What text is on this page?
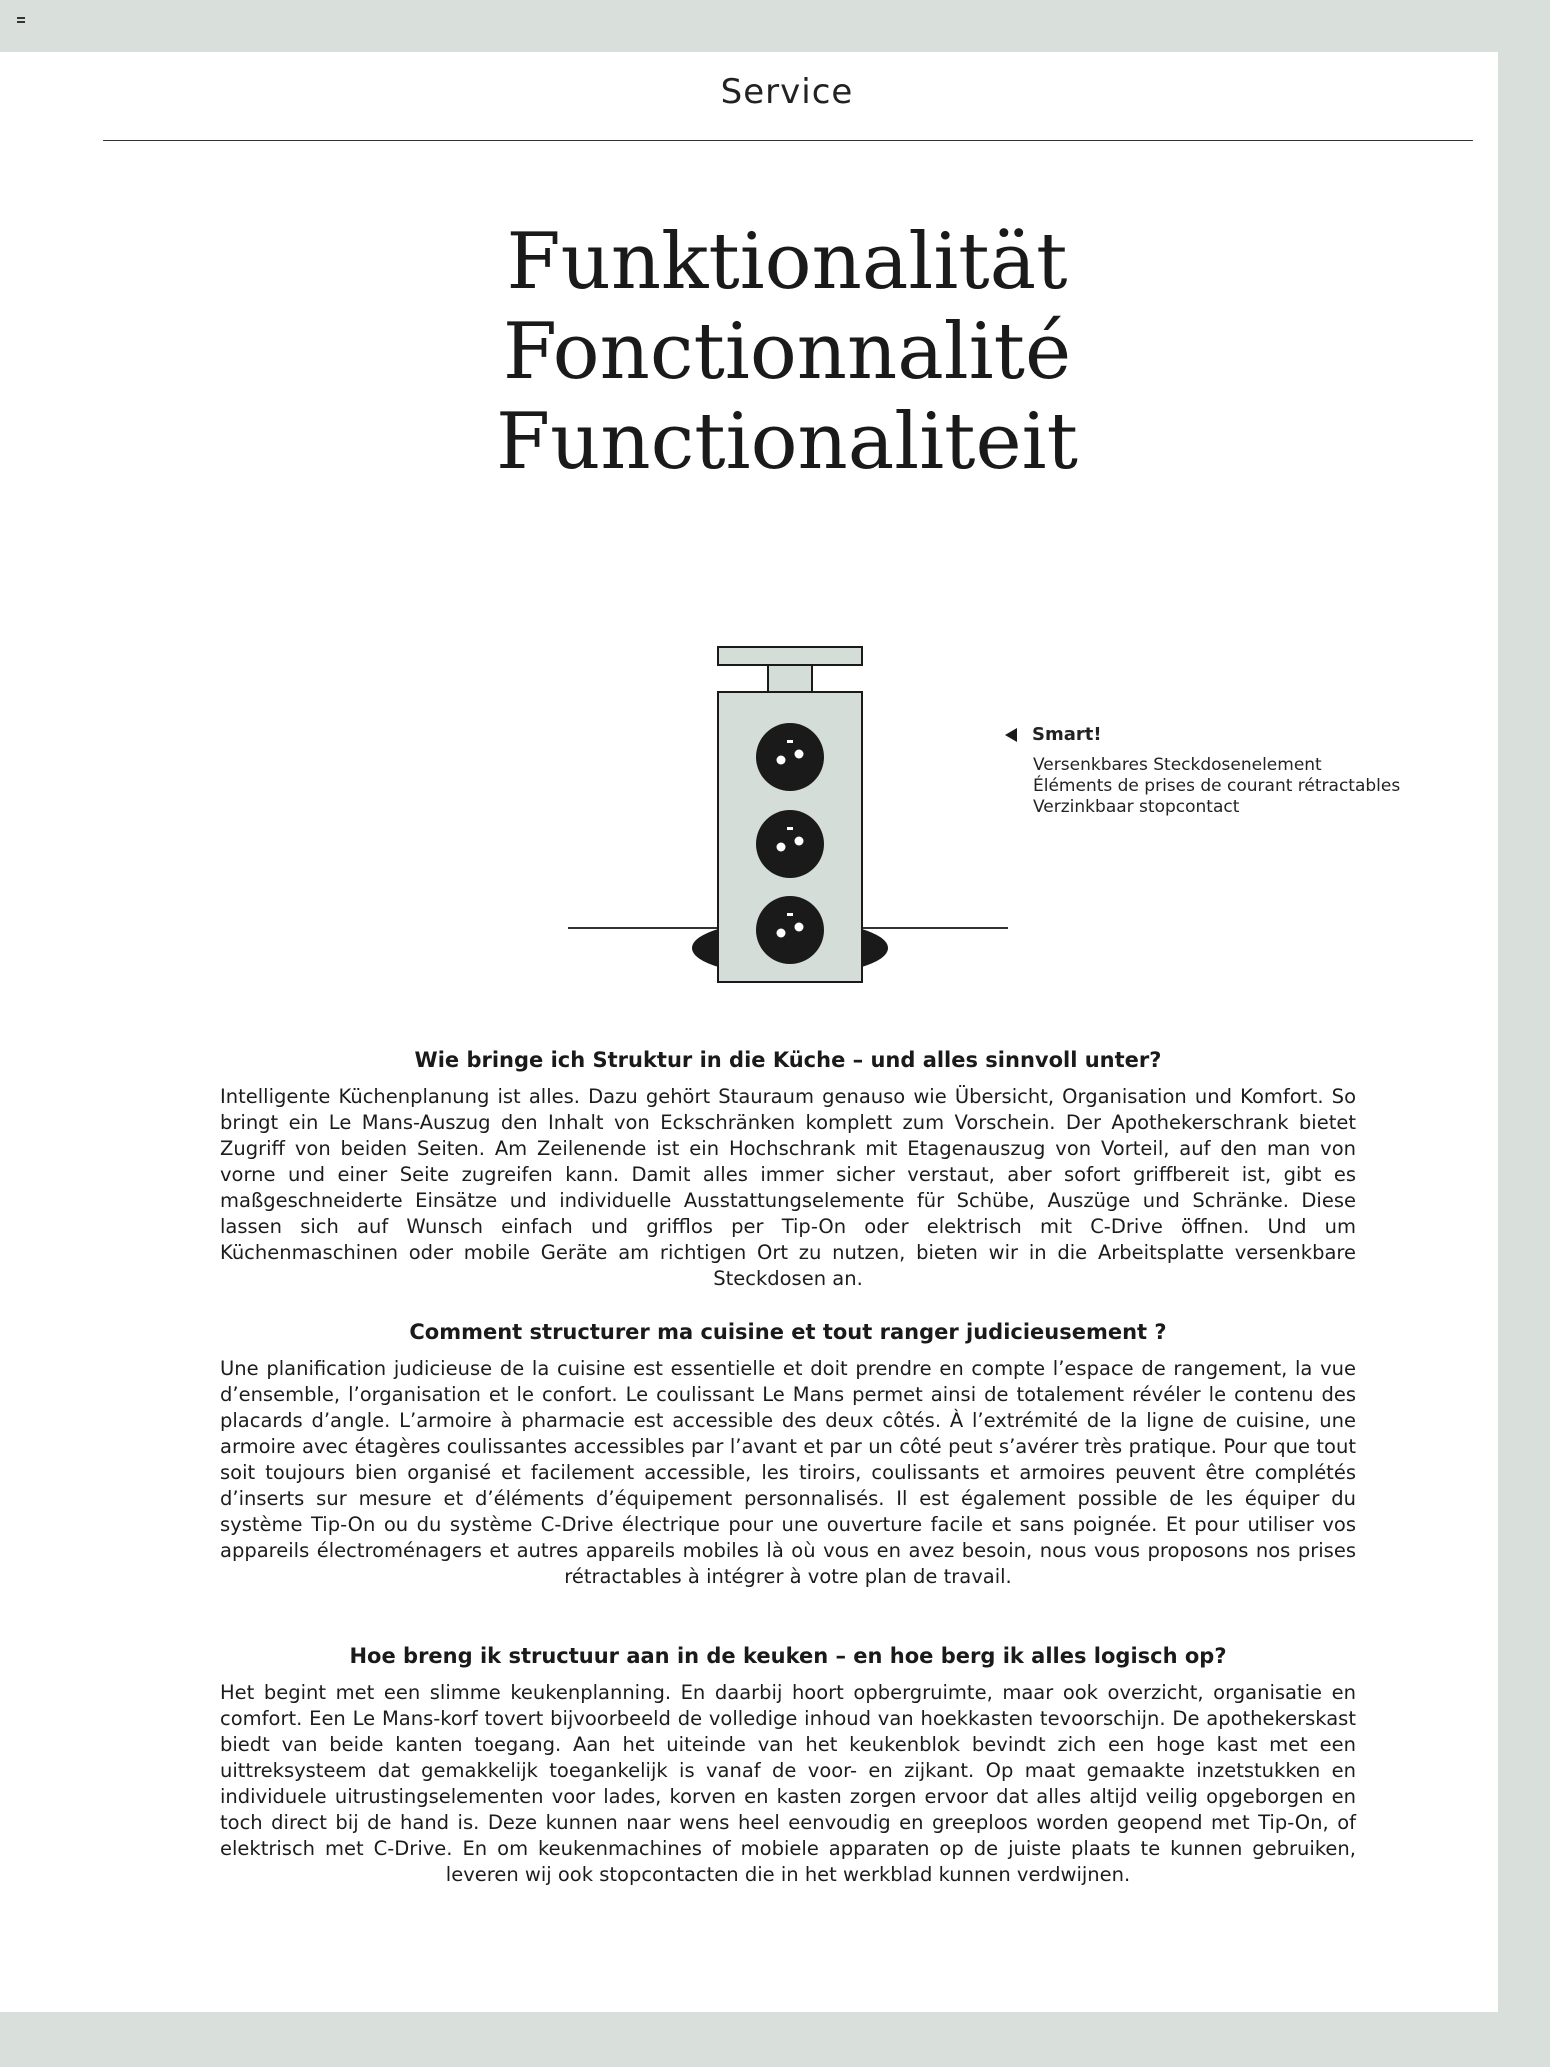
Service
Funktionalität
Fonctionnalité
Functionaliteit
Smart!
Versenkbares Steckdosenelement
Éléments de prises de courant rétractables
Verzinkbaar stopcontact
Wie bringe ich Struktur in die Küche – und alles sinnvoll unter?

Intelligente Küchenplanung ist alles. Dazu gehört Stauraum genauso wie Übersicht, Organisation und Komfort. So bringt ein Le Mans-Auszug den Inhalt von Eckschränken komplett zum Vorschein. Der Apothekerschrank bietet Zugriff von beiden Seiten. Am Zeilenende ist ein Hochschrank mit Etagenauszug von Vorteil, auf den man von vorne und einer Seite zugreifen kann. Damit alles immer sicher verstaut, aber sofort griffbereit ist, gibt es maßgeschneiderte Einsätze und individuelle Ausstattungselemente für Schübe, Auszüge und Schränke. Diese lassen sich auf Wunsch einfach und grifflos per Tip-On oder elektrisch mit C-Drive öffnen. Und um Küchenmaschinen oder mobile Geräte am richtigen Ort zu nutzen, bieten wir in die Arbeitsplatte versenkbare Steckdosen an.

Comment structurer ma cuisine et tout ranger judicieusement ?

Une planification judicieuse de la cuisine est essentielle et doit prendre en compte l’espace de rangement, la vue d’ensemble, l’organisation et le confort. Le coulissant Le Mans permet ainsi de totalement révéler le contenu des placards d’angle. L’armoire à pharmacie est accessible des deux côtés. À l’extrémité de la ligne de cuisine, une armoire avec étagères coulissantes accessibles par l’avant et par un côté peut s’avérer très pratique. Pour que tout soit toujours bien organisé et facilement accessible, les tiroirs, coulissants et armoires peuvent être complétés d’inserts sur mesure et d’éléments d’équipement personnalisés. Il est également possible de les équiper du système Tip-On ou du système C-Drive électrique pour une ouverture facile et sans poignée. Et pour utiliser vos appareils électroménagers et autres appareils mobiles là où vous en avez besoin, nous vous proposons nos prises rétractables à intégrer à votre plan de travail.

Hoe breng ik structuur aan in de keuken – en hoe berg ik alles logisch op?

Het begint met een slimme keukenplanning. En daarbij hoort opbergruimte, maar ook overzicht, organisatie en comfort. Een Le Mans-korf tovert bijvoorbeeld de volledige inhoud van hoekkasten tevoorschijn. De apothekerskast biedt van beide kanten toegang. Aan het uiteinde van het keukenblok bevindt zich een hoge kast met een uittreksysteem dat gemakkelijk toegankelijk is vanaf de voor- en zijkant. Op maat gemaakte inzetstukken en individuele uitrustingselementen voor lades, korven en kasten zorgen ervoor dat alles altijd veilig opgeborgen en toch direct bij de hand is. Deze kunnen naar wens heel eenvoudig en greeploos worden geopend met Tip-On, of elektrisch met C-Drive. En om keukenmachines of mobiele apparaten op de juiste plaats te kunnen gebruiken, leveren wij ook stopcontacten die in het werkblad kunnen verdwijnen.
